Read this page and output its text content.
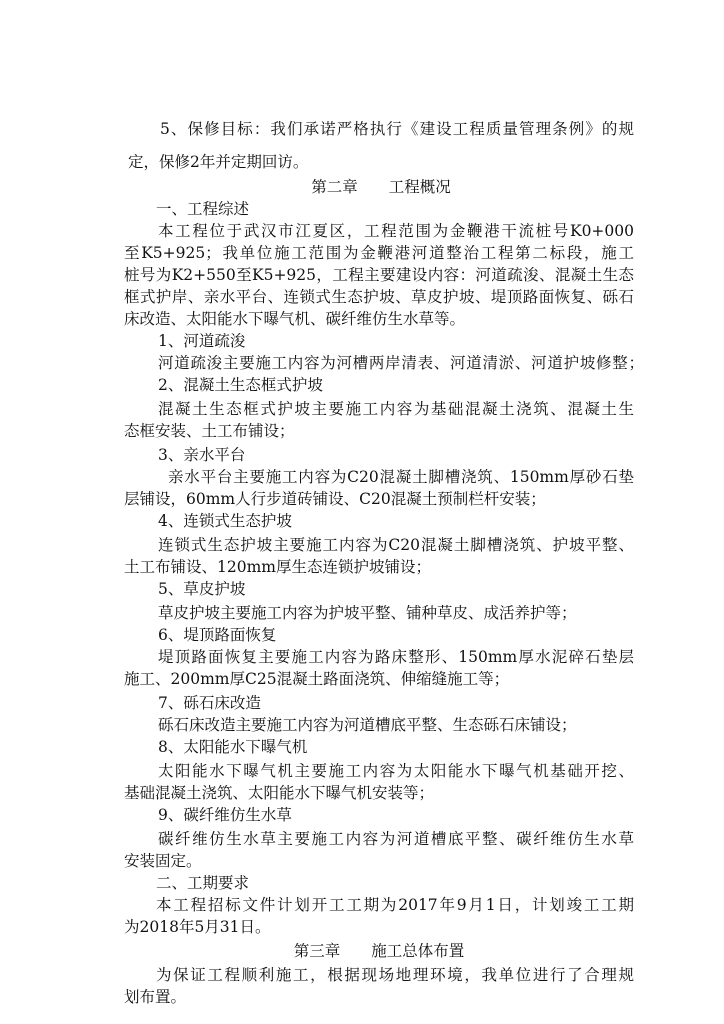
5、保修目标：我们承诺严格执行《建设工程质量管理条例》的规
定，保修2年并定期回访。
第二章　　工程概况
一、工程综述
本工程位于武汉市江夏区，工程范围为金鞭港干流桩号K0+000
至K5+925；我单位施工范围为金鞭港河道整治工程第二标段，施工
桩号为K2+550至K5+925，工程主要建设内容：河道疏浚、混凝土生态
框式护岸、亲水平台、连锁式生态护坡、草皮护坡、堤顶路面恢复、砾石
床改造、太阳能水下曝气机、碳纤维仿生水草等。
1、河道疏浚
河道疏浚主要施工内容为河槽两岸清表、河道清淤、河道护坡修整；
2、混凝土生态框式护坡
混凝土生态框式护坡主要施工内容为基础混凝土浇筑、混凝土生
态框安装、土工布铺设；
3、亲水平台
亲水平台主要施工内容为C20混凝土脚槽浇筑、150mm厚砂石垫
层铺设，60mm人行步道砖铺设、C20混凝土预制栏杆安装；
4、连锁式生态护坡
连锁式生态护坡主要施工内容为C20混凝土脚槽浇筑、护坡平整、
土工布铺设、120mm厚生态连锁护坡铺设；
5、草皮护坡
草皮护坡主要施工内容为护坡平整、铺种草皮、成活养护等；
6、堤顶路面恢复
堤顶路面恢复主要施工内容为路床整形、150mm厚水泥碎石垫层
施工、200mm厚C25混凝土路面浇筑、伸缩缝施工等；
7、砾石床改造
砾石床改造主要施工内容为河道槽底平整、生态砾石床铺设；
8、太阳能水下曝气机
太阳能水下曝气机主要施工内容为太阳能水下曝气机基础开挖、
基础混凝土浇筑、太阳能水下曝气机安装等；
9、碳纤维仿生水草
碳纤维仿生水草主要施工内容为河道槽底平整、碳纤维仿生水草
安装固定。
二、工期要求
本工程招标文件计划开工工期为2017年9月1日，计划竣工工期
为2018年5月31日。
第三章　　施工总体布置
为保证工程顺利施工，根据现场地理环境，我单位进行了合理规
划布置。
